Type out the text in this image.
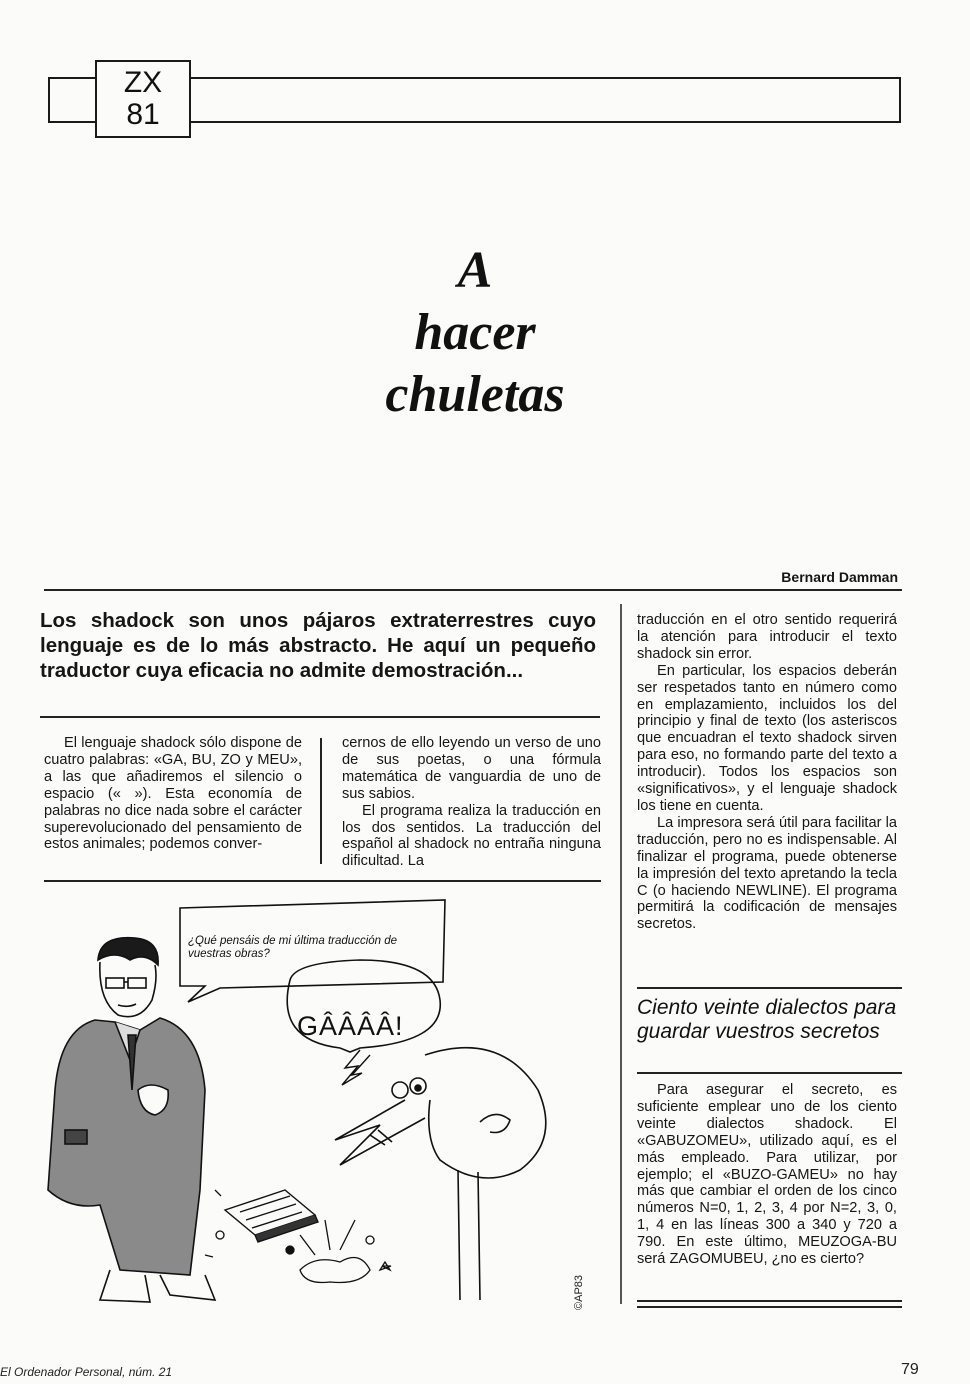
ZX
81
A
hacer
chuletas
Bernard Damman
Los shadock son unos pájaros extraterrestres cuyo lenguaje es de lo más abstracto. He aquí un pequeño traductor cuya eficacia no admite demostración...

El lenguaje shadock sólo dispone de cuatro palabras: «GA, BU, ZO y MEU», a las que añadiremos el silencio o espacio (« »). Esta economía de palabras no dice nada sobre el carácter superevolucionado del pensamiento de estos animales; podemos conver-

cernos de ello leyendo un verso de uno de sus poetas, o una fórmula matemática de vanguardia de uno de sus sabios.

El programa realiza la traducción en los dos sentidos. La traducción del español al shadock no entraña ninguna dificultad. La

traducción en el otro sentido requerirá la atención para introducir el texto shadock sin error.

En particular, los espacios deberán ser respetados tanto en número como en emplazamiento, incluidos los del principio y final de texto (los asteriscos que encuadran el texto shadock sirven para eso, no formando parte del texto a introducir). Todos los espacios son «significativos», y el lenguaje shadock los tiene en cuenta.

La impresora será útil para facilitar la traducción, pero no es indispensable. Al finalizar el programa, puede obtenerse la impresión del texto apretando la tecla C (o haciendo NEWLINE). El programa permitirá la codificación de mensajes secretos.

Ciento veinte dialectos para guardar vuestros secretos

Para asegurar el secreto, es suficiente emplear uno de los ciento veinte dialectos shadock. El «GABUZOMEU», utilizado aquí, es el más empleado. Para utilizar, por ejemplo; el «BUZO-GAMEU» no hay más que cambiar el orden de los cinco números N=0, 1, 2, 3, 4 por N=2, 3, 0, 1, 4 en las líneas 300 a 340 y 720 a 790. En este último, MEUZOGA-BU será ZAGOMUBEU, ¿no es cierto?

GÂÂÂÂ!
©AP83
¿Qué pensáis de mi última traducción de vuestras obras?
El Ordenador Personal, núm. 21	79
